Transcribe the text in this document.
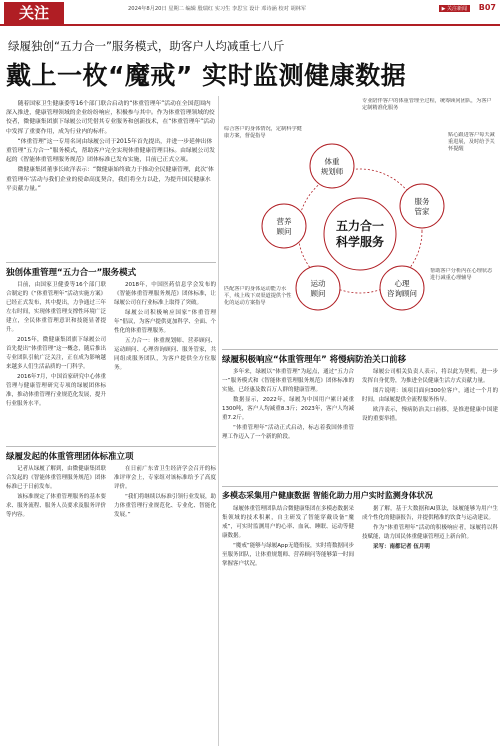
关注	2024年8月20日 星期二 编辑 殷瑞红 实习生 李思宝 设计 邓诗涵 校对 胡林军	▶ 关注新闻	B07
绿履独创“五力合一”服务模式，助客户人均减重七八斤
戴上一枚“魔戒” 实时监测健康数据

随着国家卫生健康委等16个部门联合启动的“体重管理年”活动在全国范围内深入推进，健康管理领域的企业纷纷响应，积极参与其中。作为体重管理领域的佼佼者，微健康集团旗下绿履公司凭借其专业服务和创新技术，在“体重管理年”活动中发挥了重要作用，成为行业内的标杆。

“体重管理”这一专用名词由绿履公司于2015年首先提出，并进一步延伸出体重管理“五力合一”服务模式，帮助客户完全实现体重健康管理目标。由绿履公司发起的《智能体重管理服务规范》团体标准已发布实施，目前已正式立项。

微健康集团董事长欧洋表示：“微健康始终致力于推动全民健康管理，此次‘体重管理年’活动与我们企业的使命高度契合，我们将全力以赴，为提升国民健康水平贡献力量。”

五力合一
科学服务
体重
规划师
服务
管家
心理
咨询顾问
运动
顾问
营养
顾问
专业陪伴客户的体重管理全过程，统筹顾问团队，为客户定制精准化服务
贴心跟进客户每天减重进展，及时给予关怀提醒
帮助客户分析内在心理状态进行减重心理辅导
匹配客户的身体运动能力水平，线上线下双渠道提供个性化的运动方案指导
综合客户的身体情况，定制科学健康方案，督促指导
独创体重管理“五力合一”服务模式

目前，由国家卫健委等16个部门联合制定的《“体重管理年”活动实施方案》已经正式发布，其中提出，力争通过三年左右时间，实现体重管理支撑性环境广泛建立，全民体重管理意识和技能显著提升。

2015年，微健康集团旗下绿履公司首先提出“体重管理”这一概念，随后推出专业团队引航广泛关注，正在成为影响越来越多人们生活品质的一门科学。

2016年7月，中国首家研究中心体重管理与健康管理研究专项的绿履团体标准，推动体重管理行业规范化发展，提升行业服务水平。

2018年，中国医药信息学会发布的《智能体重管理服务规范》团体标准，让绿履公司在行业标准上取得了突破。

绿履公司积极响应国家“体重管理年”倡议，为客户提供更加科学、全面、个性化的体重管理服务。

五力合一：体重规划师、营养顾问、运动顾问、心理咨询顾问、服务管家，共同组成服务团队，为客户提供全方位服务。

绿履积极响应“体重管理年” 将慢病防治关口前移

多年来，绿履以“体重管理”为起点，通过“五力合一”服务模式和《智能体重管理服务规范》团体标准的实施，已经惠及数百万人群的健康管理。

数据显示，2022年，绿履为中国用户累计减重1300吨，客户人均减重8.3斤；2023年，客户人均减重7.2斤。

“体重管理年”活动正式启动，标志着我国体重管理工作迈入了一个新的阶段。

绿履公司相关负责人表示，将以此为契机，进一步发挥自身优势，为推进全民健康生活方式贡献力量。

图片说明：该项目面向300位客户，通过一个月的时间，由绿履提供全流程服务指导。

欧洋表示，慢病防治关口前移，是推进健康中国建设的重要举措。

绿履发起的体重管理团体标准立项

记者从绿履了解到，由微健康集团联合发起的《智能体重管理服务规范》团体标准已于日前发布。

该标准规定了体重管理服务的基本要求、服务流程、服务人员要求及服务评价等内容。

在日前广东省卫生经济学会召开的标准评审会上，专家组对该标准给予了高度评价。

“我们将继续以标准引领行业发展，助力体重管理行业规范化、专业化、智能化发展。”

多模态采集用户健康数据 智能化助力用户实时监测身体状况

绿履体重管理团队结合微健康集团在多模态数据采集领域的技术积累，自主研发了智能穿戴设备“魔戒”，可实时监测用户的心率、血氧、睡眠、运动等健康数据。

“魔戒”能够与绿履App无缝衔接，实时将数据同步至服务团队，让体重规划师、营养顾问等能够第一时间掌握客户状况。

据了解，基于大数据和AI算法，绿履能够为用户生成个性化的健康报告，并提供精准的饮食与运动建议。

作为“体重管理年”活动的积极响应者，绿履将以科技赋能，助力国民体重健康管理迈上新台阶。

采写：南都记者 伍月明
